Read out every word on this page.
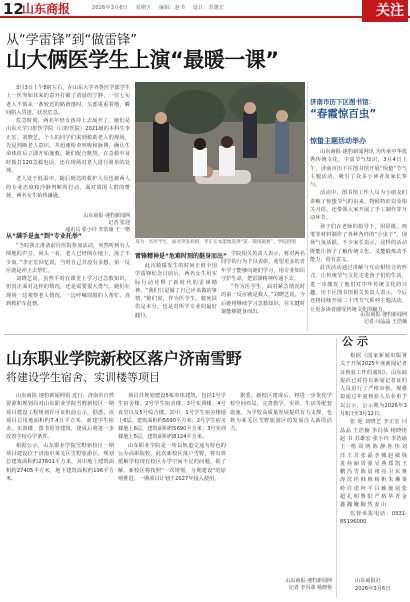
12
山东商报	2026年3月6日 星期五 编辑：赵书 设计：苏雄宏	关注
从“学雷锋”到“做雷锋”
山大俩医学生上演“最暖一课”

3月3日上午8时左右，在山东大学齐鲁医学部学生上一医突如其来的意外打破了清晨的宁静，一位七旬老人不慎从一条较近的路滑落时，头部重重着地，瞬间陷入昏迷，状况危急。

危急时刻，两名年轻女孩冲上去展开了。她们是山东大学口腔医学院（口腔医院）2021级的本科生李正宏、刘晓艺。个人的同学们来到救助老人的现场，先是判断老人意识，并迅速检查呼吸和脉搏，确认生命体征后立即开始施救。她们配合默契，在急救中及时拨打120急救电话，还在现场对老人进行简单的处理。

老人处于低温中，随后到达的救护人员也被两人的专业态度和冷静判断所打动。面对周围人群的赞扬，两名女生始终谦逊。

山东商报·速豹新闻网
记者 张迎
通讯员 张小玲 李浩瑜 王一格
身为一名医学生，面对突发病情，李正宏本能地选择“第一现场施救”。学院供图
从“满手是血”到“专业托举”

“当时我正准备前往医院参加活动，突然听到有人倒地的声音，回头一看，老人已经倒在地上，流了不少血。”李正宏回忆说，当时自己并没有多想，第一反应就是冲上去帮忙。

刘晓艺说，虽然平时在课堂上学习过急救知识，但真正面对这样的情况，还是需要很大勇气。她们在现场一边观察老人情况，一边呼喊周围的人帮忙，直到救护车赶到。

雷锋精神是“危难时刻的挺身而出”

此次救援发生的时间正值全国学雷锋纪念日前后，两名女生用实际行动诠释了新时代的雷锋精神。“我们只是做了自己应该做的事情。”她们说，作为医学生，救死扶伤是本分，也是对所学专业的最好践行。

学院相关负责人表示，将对两名同学的行为予以表彰，希望更多的青年学子能够向她们学习，用专业知识守护生命，把雷锋精神传递下去。

“作为医学生，面对紧急情况时的第一反应就是救人。”刘晓艺说，今后她将继续学习急救知识，在关键时刻能够挺身而出。

济南市历下区图书馆：
“春霞惊百虫”
惊蛰主题活动举办

山东商报·速豹新闻网讯 为传承中华优秀传统文化，丰富节气知识，3月4日上午，济南市历下区图书馆开展“惊蛰”节气主题活动，吸引了众多小读者及家长参与。

活动中，图书馆工作人员为小朋友们讲解了惊蛰节气的由来、物候特征以及相关习俗，还带领大家开展了手工制作等互动环节。

孩子们在老师的指导下，用彩纸、画笔等材料制作了各种各样的“小虫子”，现场气氛活跃。不少家长表示，这样的活动既能让孩子了解传统文化，又能锻炼动手能力，很有意义。

此次活动通过讲解与互动相结合的形式，让传统节气文化走进孩子们的生活，进一步激发了他们对中华传统文化的兴趣。历下区图书馆相关负责人表示，今后还将持续开展二十四节气系列主题活动，让更多读者感受传统文化的魅力。

山东商报·速豹新闻网
记者 闫晶晶 王浩楠
山东职业学院新校区落户济南雪野
将建设学生宿舍、实训楼等项目

山东商报·速豹新闻网讯 近日，济南市自然资源和规划局对山东职业学院雪野新校区一期项目建设工程规划许可证批前公示。据悉，该项目总用地面积约7.4万平方米，新建学生宿舍、实训楼、图书馆等建筑，建成后将进一步改善学校办学条件。

根据公示，山东职业学院雪野新校区一期项目建设位于济南市莱芜区雪野旅游区，规划总建筑面积约27601平方米，其中地上建筑面积约27405平方米，地下建筑面积约196平方米。

项目共规划建设5栋单体建筑，包括1号学生宿舍楼、2号学生宿舍楼、3号实训楼、4号食堂以及5号综合楼。其中，1号学生宿舍楼地上6层，建筑面积约5690平方米；2号学生宿舍楼地上6层，建筑面积约5690平方米；3号实训楼地上5层，建筑面积约8124平方米。

山东职业学院是一所以轨道交通为特色的公办高职院校，此次新校区落户雪野，将有效缓解学校现有校区办学空间不足的问题。据了解，新校区将按照“一次规划、分期建设”的原则推进，一期项目计划于2027年投入使用。

据悉，新校区建成后，将进一步优化学校空间布局，完善教学、实训、生活等配套设施，为学校高质量发展提供有力支撑，也将为莱芜区雪野旅游区的发展注入新的活力。

山东商报·速豹新闻网
记者 李冯恭 杨晓艳
公示

根据《国家新闻出版署关于开展2025年度新闻记者证核验工作的通知》，山东商报社已对持有新闻记者证的人员进行了严格审核，现将拟通过年度核验人员名单予以公示，公示期为2026年3月6日至3月12日。

张 迎 刘晓艺 李正宏 闫晶晶 王浩楠 李冯恭 杨晓艳 赵 书 苏雄宏 张小玲 李浩瑜 王一格 周 明 陈 静 孙 伟 刘 洋 王 芳 张 磊 李 娜 赵 敏 钱 进 孙 丽 周 强 吴 燕 郑 凯 王 鹏 冯 雪 陈 晨 褚 亮 卫 东 蒋 涛 沈 佳 韩 梅 杨 帆 朱 琳 秦 岭 许 诺 何 平 吕 颖 施 展 张 超 孔 明 曹 阳 严 格 华 青 金 鑫 魏 巍 陶 然 姜 山

监督举报电话：0531-85196000

山东商报社
2026年3月6日
